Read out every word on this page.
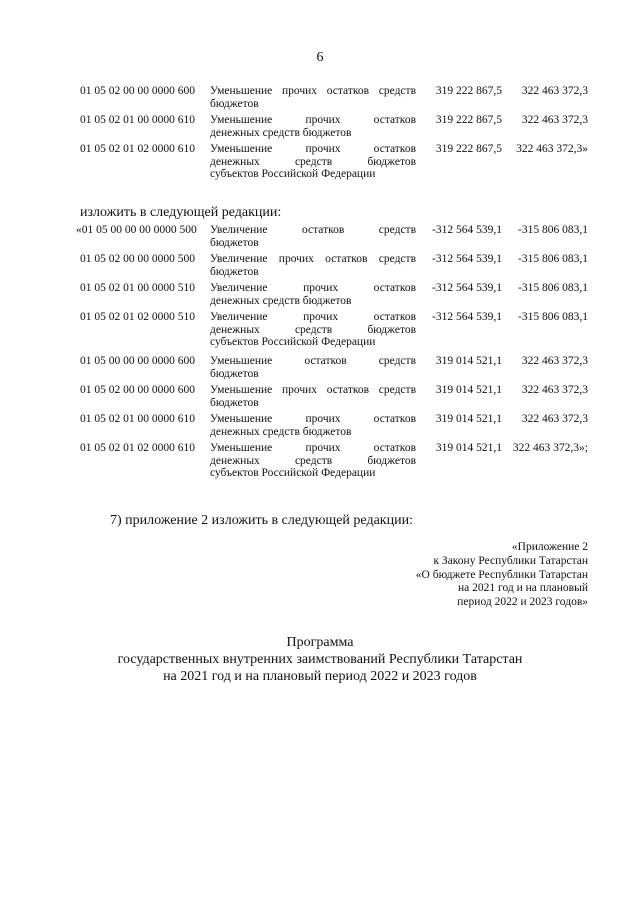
6
01 05 02 00 00 0000 600 Уменьшение прочих остатков средств
бюджетов
319 222 867,5 322 463 372,3
01 05 02 01 00 0000 610 Уменьшение прочих остатков
денежных средств бюджетов
319 222 867,5 322 463 372,3
01 05 02 01 02 0000 610 Уменьшение прочих остатков
денежных средств бюджетов
субъектов Российской Федерации
319 222 867,5 322 463 372,3»
изложить в следующей редакции:
«01 05 00 00 00 0000 500 Увеличение остатков средств
бюджетов
-312 564 539,1 -315 806 083,1
01 05 02 00 00 0000 500 Увеличение прочих остатков средств
бюджетов
-312 564 539,1 -315 806 083,1
01 05 02 01 00 0000 510 Увеличение прочих остатков
денежных средств бюджетов
-312 564 539,1 -315 806 083,1
01 05 02 01 02 0000 510 Увеличение прочих остатков
денежных средств бюджетов
субъектов Российской Федерации
-312 564 539,1 -315 806 083,1
01 05 00 00 00 0000 600 Уменьшение остатков средств
бюджетов
319 014 521,1 322 463 372,3
01 05 02 00 00 0000 600 Уменьшение прочих остатков средств
бюджетов
319 014 521,1 322 463 372,3
01 05 02 01 00 0000 610 Уменьшение прочих остатков
денежных средств бюджетов
319 014 521,1 322 463 372,3
01 05 02 01 02 0000 610 Уменьшение прочих остатков
денежных средств бюджетов
субъектов Российской Федерации
319 014 521,1 322 463 372,3»;
7) приложение 2 изложить в следующей редакции:
«Приложение 2
к Закону Республики Татарстан
«О бюджете Республики Татарстан
на 2021 год и на плановый
период 2022 и 2023 годов»
Программа
государственных внутренних заимствований Республики Татарстан
на 2021 год и на плановый период 2022 и 2023 годов
